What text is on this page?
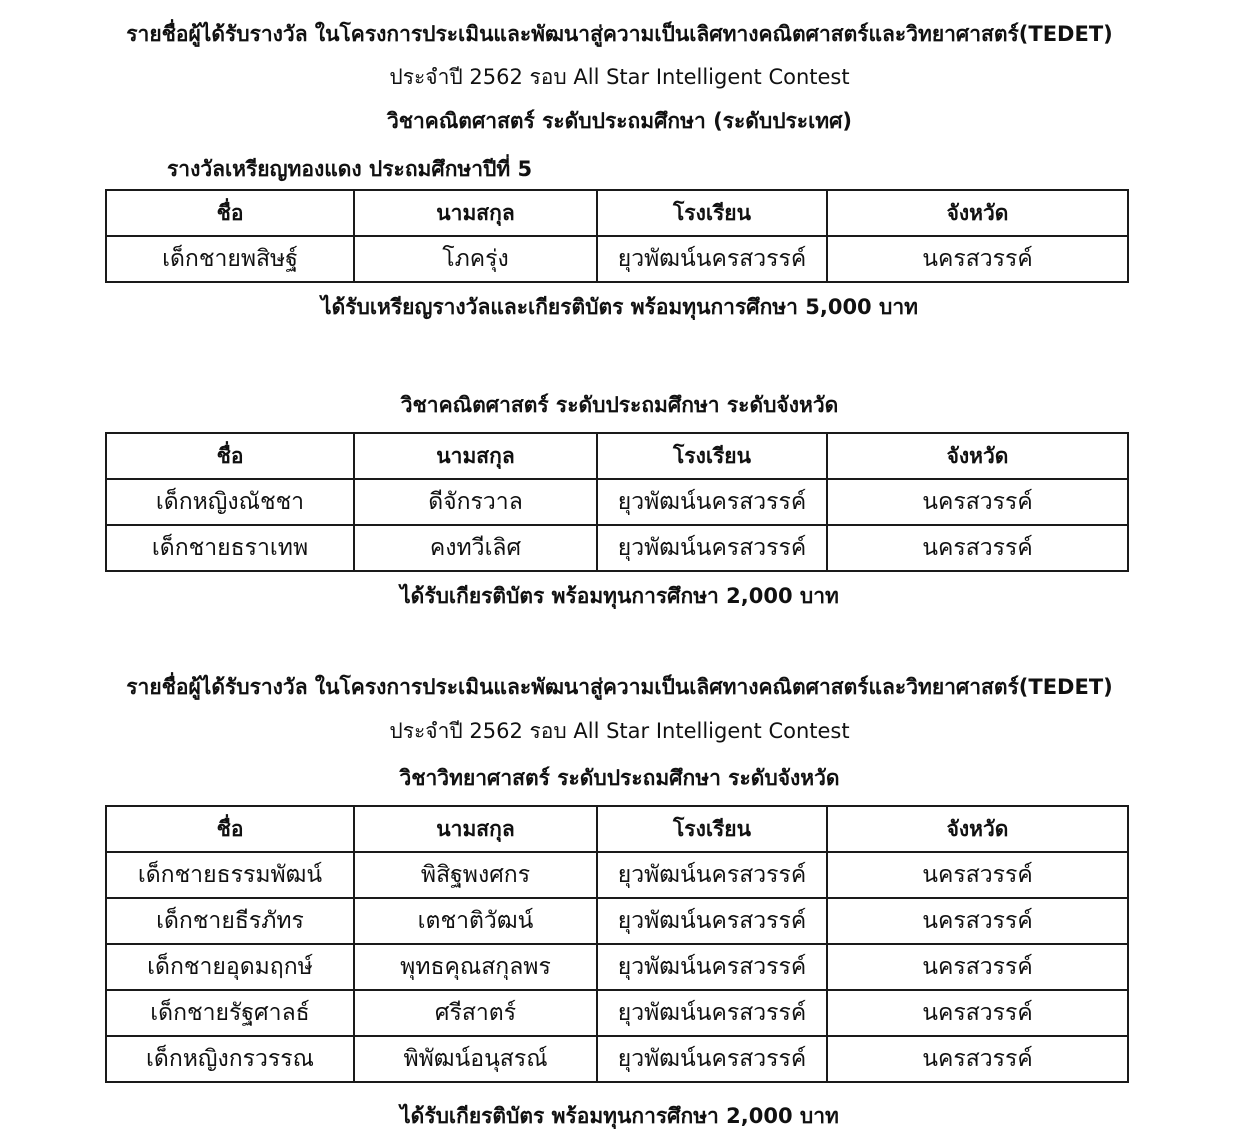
รายชื่อผู้ได้รับรางวัล ในโครงการประเมินและพัฒนาสู่ความเป็นเลิศทางคณิตศาสตร์และวิทยาศาสตร์(TEDET)
ประจำปี 2562 รอบ All Star Intelligent Contest
วิชาคณิตศาสตร์ ระดับประถมศึกษา (ระดับประเทศ)
รางวัลเหรียญทองแดง ประถมศึกษาปีที่ 5
ชื่อ	นามสกุล	โรงเรียน	จังหวัด
เด็กชายพสิษฐ์	โภครุ่ง	ยุวพัฒน์นครสวรรค์	นครสวรรค์
ได้รับเหรียญรางวัลและเกียรติบัตร พร้อมทุนการศึกษา 5,000 บาท
วิชาคณิตศาสตร์ ระดับประถมศึกษา ระดับจังหวัด
ชื่อ	นามสกุล	โรงเรียน	จังหวัด
เด็กหญิงณัชชา	ดีจักรวาล	ยุวพัฒน์นครสวรรค์	นครสวรรค์
เด็กชายธราเทพ	คงทวีเลิศ	ยุวพัฒน์นครสวรรค์	นครสวรรค์
ได้รับเกียรติบัตร พร้อมทุนการศึกษา 2,000 บาท
รายชื่อผู้ได้รับรางวัล ในโครงการประเมินและพัฒนาสู่ความเป็นเลิศทางคณิตศาสตร์และวิทยาศาสตร์(TEDET)
ประจำปี 2562 รอบ All Star Intelligent Contest
วิชาวิทยาศาสตร์ ระดับประถมศึกษา ระดับจังหวัด
ชื่อ	นามสกุล	โรงเรียน	จังหวัด
เด็กชายธรรมพัฒน์	พิสิฐพงศกร	ยุวพัฒน์นครสวรรค์	นครสวรรค์
เด็กชายธีรภัทร	เตชาติวัฒน์	ยุวพัฒน์นครสวรรค์	นครสวรรค์
เด็กชายอุดมฤกษ์	พุทธคุณสกุลพร	ยุวพัฒน์นครสวรรค์	นครสวรรค์
เด็กชายรัฐศาลธ์	ศรีสาตร์	ยุวพัฒน์นครสวรรค์	นครสวรรค์
เด็กหญิงกรวรรณ	พิพัฒน์อนุสรณ์	ยุวพัฒน์นครสวรรค์	นครสวรรค์
ได้รับเกียรติบัตร พร้อมทุนการศึกษา 2,000 บาท
